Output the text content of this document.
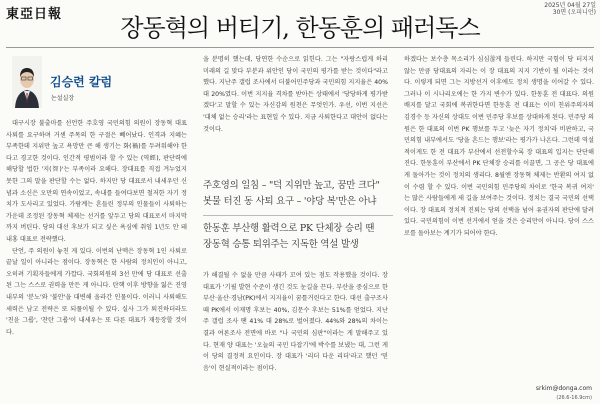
東亞日報
2025년 04월 27일
30면 (오피니언)
장동혁의 버티기, 한동훈의 패러독스
김승련 칼럼
논설실장
대구시장 불출마를 선언한 주호영 국민의힘 의원이 장동혁 대표 사퇴를 요구하며 거센 주목의 한 구절은 빼어났다. 인격과 지혜는 부족한데 지위만 높고 욕망만 큰 해 생기는 화(禍)를 두려워해야 한다고 경고한 것이다. 인간적 평범이라 할 수 있는 (역經), 판단력에 해당할 법한 '지(智)'는 부족이라 요해다. 장대표를 직접 겨누었지 못한 그의 말을 판단할 수는 없다. 하지만 당 대표로서 내세우던 신념과 소신은 오만의 연속이었고, 속내를 들여다보면 철저한 자기 정치가 도사리고 있었다. 가람계는 흔들린 정부의 인물들이 사퇴하는 가운데 조정된 장동혁 체제는 선거를 앞두고 당의 대표로서 마지막까지 버틴다. 당의 대선 후보가 되고 싶은 욕심에 취임 1년도 안 돼 내홍 대표로 전략했다.
단언, 주 의원이 놓친 게 있다. 이번의 난맥은 장동혁 1인 사퇴로 끝날 일이 아니라는 점이다. 장동혁은 한 사람의 정치인이 아니고, 오히려 기획자들에게 가깝다. 국회의원의 3선 만에 당 대표로 선출된 그는 스스로 권력을 만든 게 아니다. 탄핵 이후 방향을 잃은 진영 내부의 '분노'와 '불안'을 대변해 올라간 인물이다. 이러니 사퇴해도 세력은 남고 전략은 또 되풀이될 수 있다. 실사 그가 퇴진하더라도 '친윤 그룹', '찬탄 그룹'이 내세우는 또 다른 대표가 재등장할 것이다.
을 분명히 했는데, 당연한 수순으로 읽힌다. 그는 "자랑스럽게 하리 미래의 길 맞다 부분과 위안인 당이 국민의 평가를 받는 것이다"라고 했다. 지난주 갤럽 조사에서 더불어민주당과 국민의힘 지지율은 40% 대 20%였다. 이번 지지율 격차를 받아든 상태에서 '당당하게 평가받겠다'고 말할 수 있는 자신감의 원천은 무엇인가. 우선, 이번 지선은 '대체 없는 승리'라는 표현일 수 있다. 지금 사퇴한다고 대안이 없다는 것이다.
주호영의 일침 – "덕 지위만 높고, 꿈만 크다"
봇물 터진 동 사퇴 요구 – '야당 복'만은 아냐
한동훈 부산행 활력으로 PK 단체장 승리 땐
장동혁 승통 퇴위주는 지독한 역설 발생
가 해결될 수 없을 만큼 사태가 꼬여 있는 점도 작용했을 것이다. 장 대표가 '기필 발현 수준이 생긴 것도 눈길을 끈다. 부산을 중심으로 한 부산·울산·경남(PK)에서 지지율이 꿈틀거린다고 한다. 대선 출구조사 때 PK에서 이재명 후보는 40%, 김문수 후보는 51%를 얻었다. 지난주 갤럽 조사 땐 41% 대 28%로 벌어졌다. 44%와 28%의 차이는 결과 여론조사 전면에 바로 "나 국민의 심판"이라는 게 말해주고 있다. 현재 양 대표는 '오늘의 국민 다잡기'에 박수를 보냈는 대, 그런 게 이 당의 결정적 요인이다. 장 대표가 '리더 다운 리더'라고 했던 '믿음'이 현실적이라는 점이다.
하겠다는 보수층 목소리가 심심찮게 들린다. 하지만 국힘이 당 터지지 않는 만큼 당대표의 자리는 이 장 대표의 지지 기반이 될 이라는 것이다. 이렇게 되면 그는 지방선거 이후에도 정치 생명을 이어갈 수 있다. 그러나 이 시나리오에는 한 가지 변수가 있다. 한동훈 전 대표다. 의원 배지를 달고 국회에 복귀한다면 한동훈 전 대표는 이미 친위주의자의 김경수 등 자신의 상대도 이번 민주당 후보를 상대하게 된다. 민주당 의원은 한 대표의 이번 PK 행보를 두고 '늦은 자기 정치'라 비판하고, 국민의힘 내부에서도 '당을 흔드는 행보'라는 평가가 나온다. 그런데 역설적이게도 한 전 대표가 부산에서 선전할수록 장 대표의 입지는 단단해진다. 한동훈이 부산에서 PK 단체장 승리를 이끌면, 그 공은 당 대표에게 돌아가는 것이 정치의 생리다. 8월엔 장동혁 체제는 반환의 여지 없이 수렴 할 수 있다. 이번 국민의힘 민주당의 차이로 '한국 복귀 여지' 는 많은 사람들에게 새 길을 보여주는 것이다. 정치는 결국 국민의 선택이다. 장 대표의 정치적 진퇴는 당의 선택을 넘어 유권자의 판단에 달려 있다. 국민의힘이 이번 선거에서 얻을 것은 승리만이 아니다. 당이 스스로를 돌아보는 계기가 되어야 한다.
srkim@donga.com
(26.6-16.9cm)
